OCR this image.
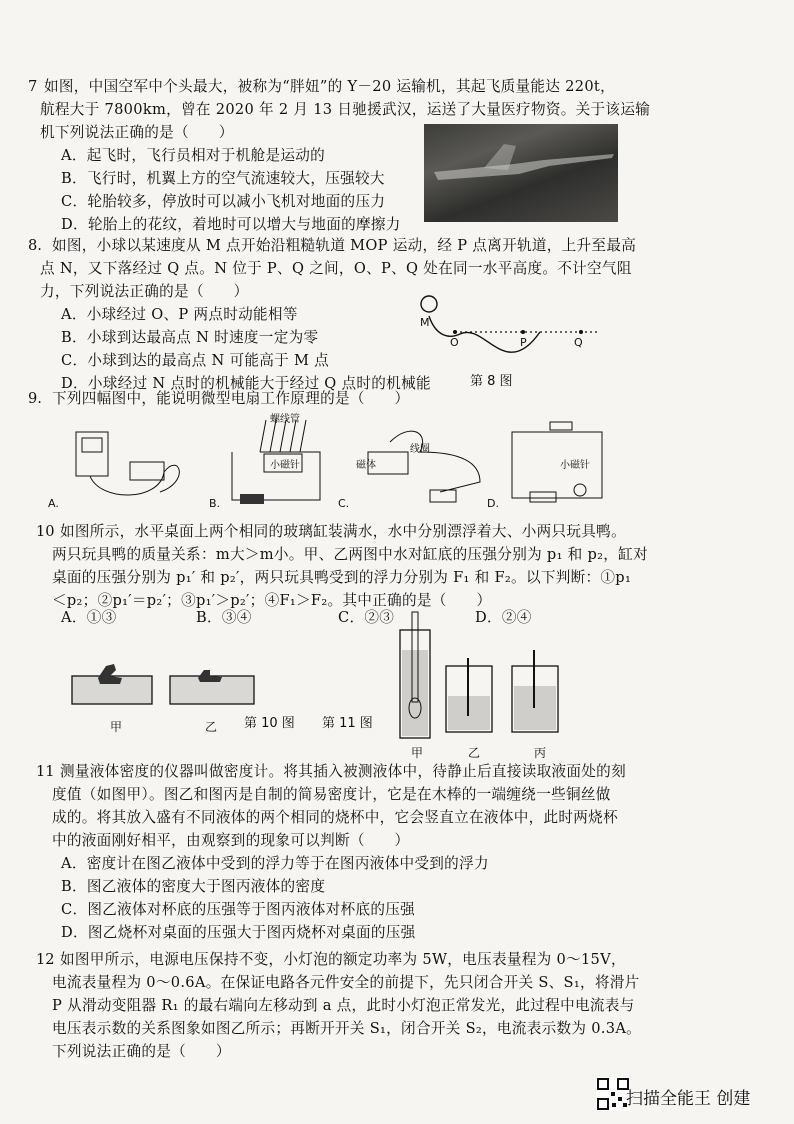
7 如图，中国空军中个头最大，被称为“胖妞”的 Y－20 运输机，其起飞质量能达 220t，
航程大于 7800km，曾在 2020 年 2 月 13 日驰援武汉，运送了大量医疗物资。关于该运输
机下列说法正确的是（　　）
A．起飞时，飞行员相对于机舱是运动的
B．飞行时，机翼上方的空气流速较大，压强较大
C．轮胎较多，停放时可以减小飞机对地面的压力
D．轮胎上的花纹，着地时可以增大与地面的摩擦力
8. 如图，小球以某速度从 M 点开始沿粗糙轨道 MOP 运动，经 P 点离开轨道，上升至最高
点 N，又下落经过 Q 点。N 位于 P、Q 之间，O、P、Q 处在同一水平高度。不计空气阻
力，下列说法正确的是（　　）
A．小球经过 O、P 两点时动能相等
B．小球到达最高点 N 时速度一定为零
C．小球到达的最高点 N 可能高于 M 点
D．小球经过 N 点时的机械能大于经过 Q 点时的机械能
M
O	P	Q
第 8 图
9. 下列四幅图中，能说明微型电扇工作原理的是（　　）
A.	B.	C.	D.
螺线管
小磁针	磁体
线圈
小磁针
10 如图所示，水平桌面上两个相同的玻璃缸装满水，水中分别漂浮着大、小两只玩具鸭。
两只玩具鸭的质量关系：m大＞m小。甲、乙两图中水对缸底的压强分别为 p₁ 和 p₂，缸对
桌面的压强分别为 p₁′ 和 p₂′，两只玩具鸭受到的浮力分别为 F₁ 和 F₂。以下判断：①p₁
＜p₂；②p₁′＝p₂′；③p₁′＞p₂′；④F₁＞F₂。其中正确的是（　　）
A．①③	B．③④	C．②③	D．②④
甲	乙 第 10 图 第 11 图
甲	乙	丙
11 测量液体密度的仪器叫做密度计。将其插入被测液体中，待静止后直接读取液面处的刻
度值（如图甲）。图乙和图丙是自制的简易密度计，它是在木棒的一端缠绕一些铜丝做
成的。将其放入盛有不同液体的两个相同的烧杯中，它会竖直立在液体中，此时两烧杯
中的液面刚好相平，由观察到的现象可以判断（　　）
A．密度计在图乙液体中受到的浮力等于在图丙液体中受到的浮力
B．图乙液体的密度大于图丙液体的密度
C．图乙液体对杯底的压强等于图丙液体对杯底的压强
D．图乙烧杯对桌面的压强大于图丙烧杯对桌面的压强
12 如图甲所示，电源电压保持不变，小灯泡的额定功率为 5W，电压表量程为 0～15V，
电流表量程为 0～0.6A。在保证电路各元件安全的前提下，先只闭合开关 S、S₁，将滑片
P 从滑动变阻器 R₁ 的最右端向左移动到 a 点，此时小灯泡正常发光，此过程中电流表与
电压表示数的关系图象如图乙所示；再断开开关 S₁，闭合开关 S₂，电流表示数为 0.3A。
下列说法正确的是（　　）
扫描全能王 创建
